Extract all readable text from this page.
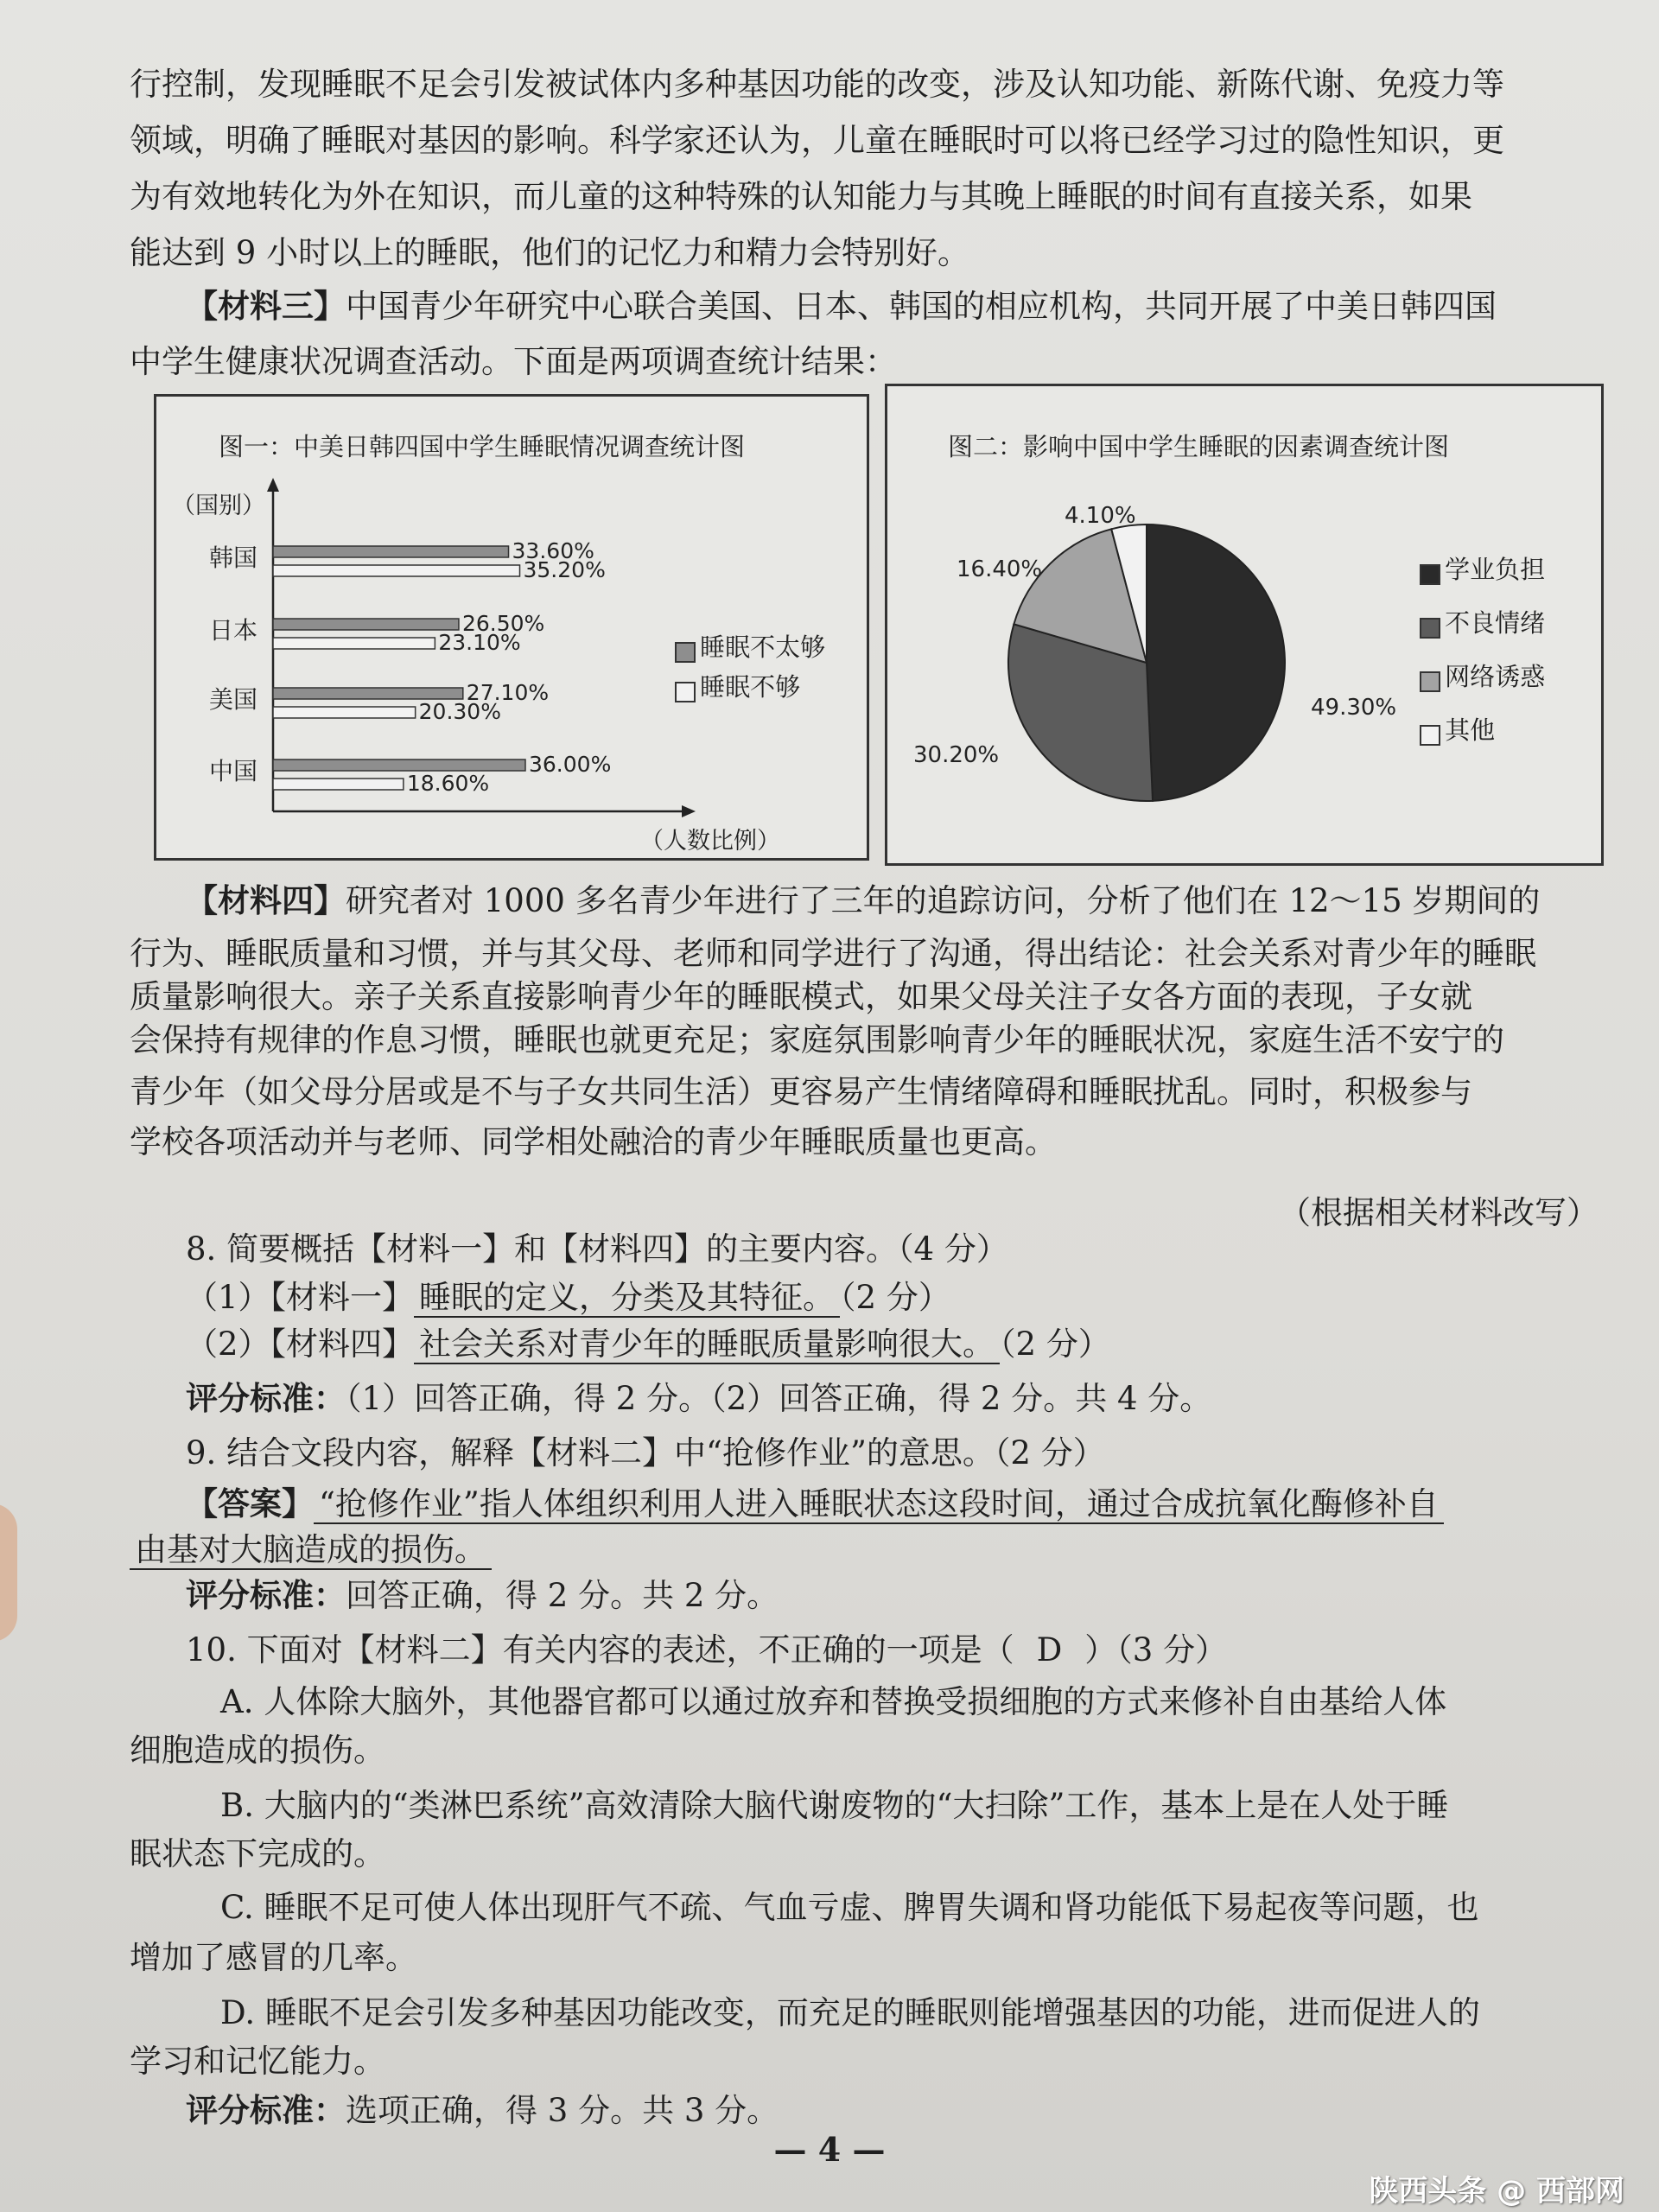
行控制，发现睡眠不足会引发被试体内多种基因功能的改变，涉及认知功能、新陈代谢、免疫力等
领域，明确了睡眠对基因的影响。科学家还认为，儿童在睡眠时可以将已经学习过的隐性知识，更
为有效地转化为外在知识，而儿童的这种特殊的认知能力与其晚上睡眠的时间有直接关系，如果
能达到 9 小时以上的睡眠，他们的记忆力和精力会特别好。
【材料三】中国青少年研究中心联合美国、日本、韩国的相应机构，共同开展了中美日韩四国
中学生健康状况调查活动。下面是两项调查统计结果：
图一：中美日韩四国中学生睡眠情况调查统计图
韩国	33.60%
35.20%
日本	26.50%
23.10%
美国	27.10%
20.30%
中国	36.00%
18.60%
（国别）
（人数比例）
睡眠不太够
睡眠不够
图二：影响中国中学生睡眠的因素调查统计图
49.30%
30.20%
16.40%
4.10%
学业负担
不良情绪
网络诱惑
其他
【材料四】研究者对 1000 多名青少年进行了三年的追踪访问，分析了他们在 12～15 岁期间的
行为、睡眠质量和习惯，并与其父母、老师和同学进行了沟通，得出结论：社会关系对青少年的睡眠
质量影响很大。亲子关系直接影响青少年的睡眠模式，如果父母关注子女各方面的表现，子女就
会保持有规律的作息习惯，睡眠也就更充足；家庭氛围影响青少年的睡眠状况，家庭生活不安宁的
青少年（如父母分居或是不与子女共同生活）更容易产生情绪障碍和睡眠扰乱。同时，积极参与
学校各项活动并与老师、同学相处融洽的青少年睡眠质量也更高。
（根据相关材料改写）
8. 简要概括【材料一】和【材料四】的主要内容。（4 分）
（1）【材料一】 睡眠的定义，分类及其特征。 （2 分）
（2）【材料四】 社会关系对青少年的睡眠质量影响很大。 （2 分）
评分标准：（1）回答正确，得 2 分。（2）回答正确，得 2 分。共 4 分。
9. 结合文段内容，解释【材料二】中“抢修作业”的意思。（2 分）
【答案】 “抢修作业”指人体组织利用人进入睡眠状态这段时间，通过合成抗氧化酶修补自
由基对大脑造成的损伤。
评分标准：回答正确，得 2 分。共 2 分。
10. 下面对【材料二】有关内容的表述，不正确的一项是（ D ）（3 分）
A. 人体除大脑外，其他器官都可以通过放弃和替换受损细胞的方式来修补自由基给人体
细胞造成的损伤。
B. 大脑内的“类淋巴系统”高效清除大脑代谢废物的“大扫除”工作，基本上是在人处于睡
眠状态下完成的。
C. 睡眠不足可使人体出现肝气不疏、气血亏虚、脾胃失调和肾功能低下易起夜等问题，也
增加了感冒的几率。
D. 睡眠不足会引发多种基因功能改变，而充足的睡眠则能增强基因的功能，进而促进人的
学习和记忆能力。
评分标准：选项正确，得 3 分。共 3 分。
— 4 —
陕西头条 @ 西部网
